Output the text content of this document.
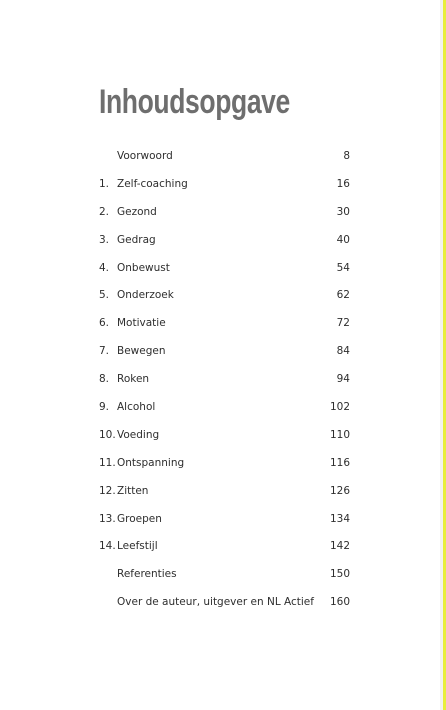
Inhoudsopgave
Voorwoord	8
1. Zelf-coaching	16
2. Gezond	30
3. Gedrag	40
4. Onbewust	54
5. Onderzoek	62
6. Motivatie	72
7. Bewegen	84
8. Roken	94
9. Alcohol	102
10. Voeding	110
11. Ontspanning	116
12. Zitten	126
13. Groepen	134
14. Leefstijl	142
Referenties	150
Over de auteur, uitgever en NL Actief 160
